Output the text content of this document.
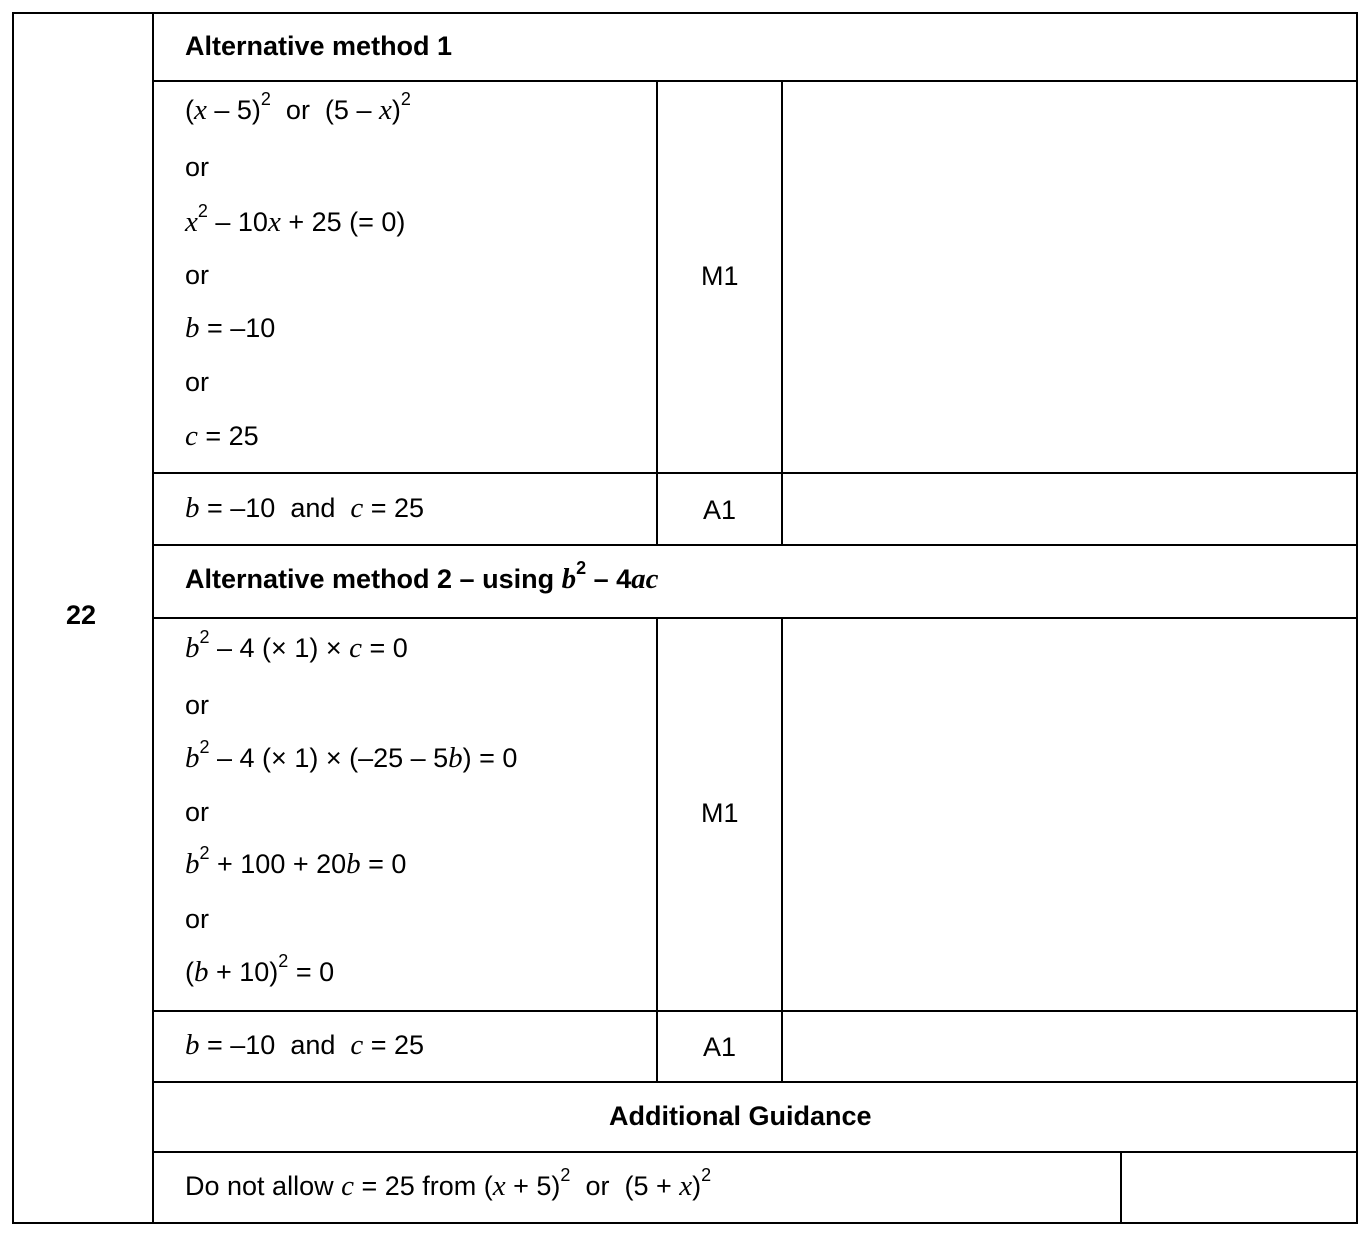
22
Alternative method 1
(x – 5)$^2$  or  (5 – x)$^2$
or
$x^2 - 10x + 25$ (= 0)
or
b = –10
or
c = 25
M1
b = –10  and  c = 25	A1
Alternative method 2 – using $b^2 - 4ac$
$b^2 - 4$ (× 1) × c = 0
or
$b^2 - 4$ (× 1) × (–25 – 5b) = 0
or
$b^2 + 100 + 20b = 0$
or
$(b + 10)^2 = 0$
M1
b = –10  and  c = 25	A1
Additional Guidance
Do not allow c = 25 from $(x + 5)^2$  or  $(5 + x)^2$
